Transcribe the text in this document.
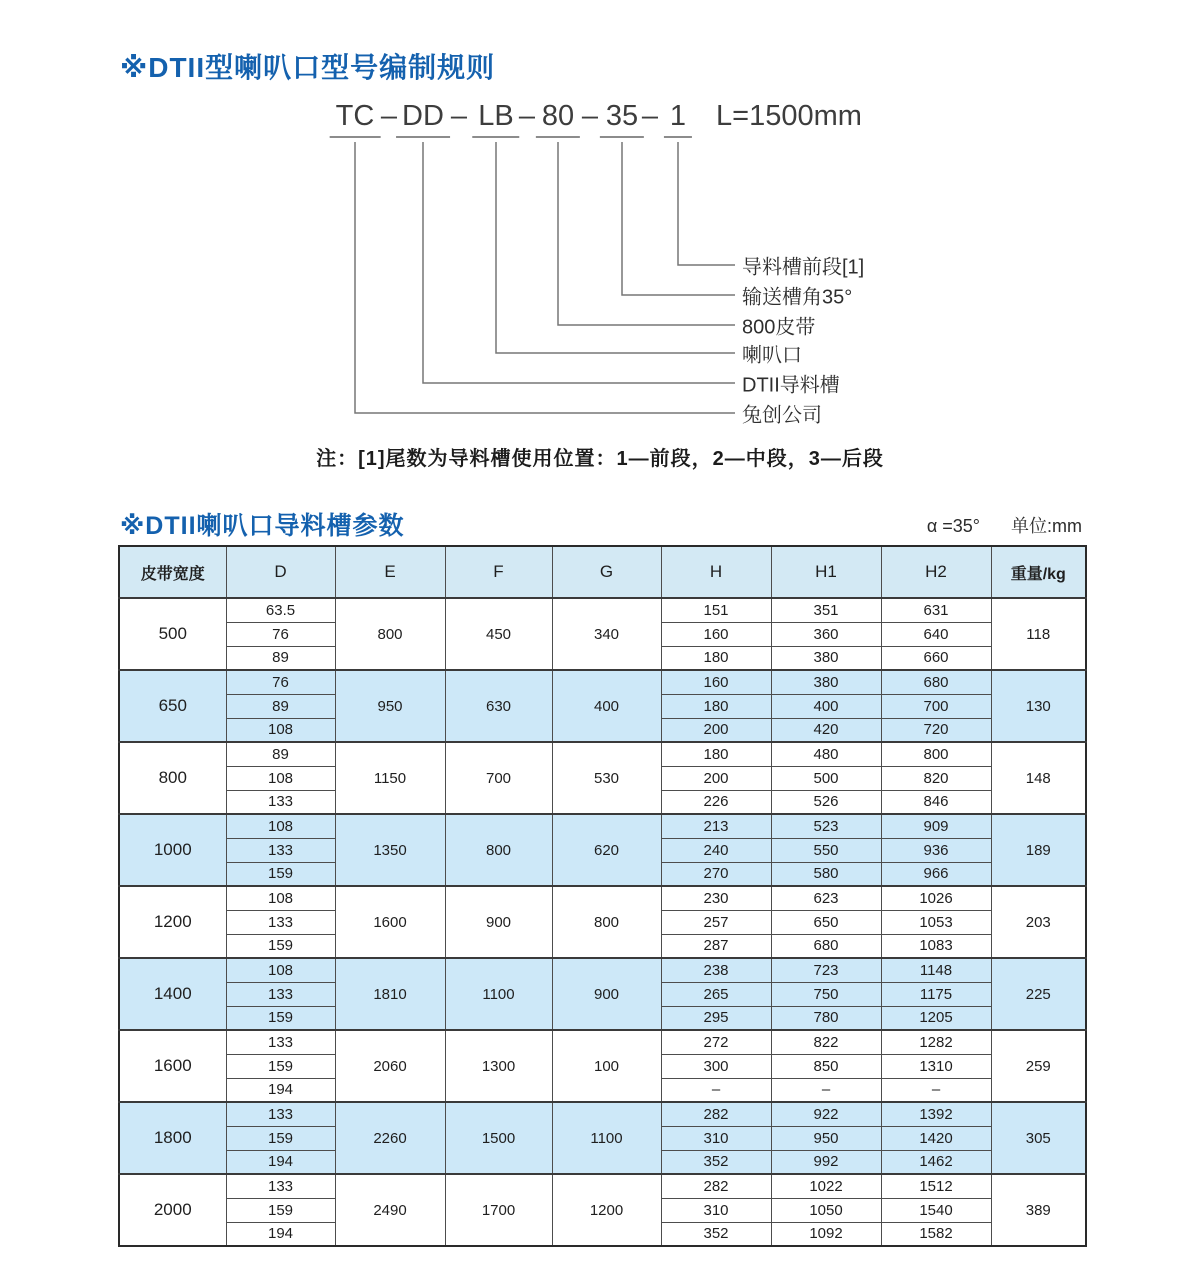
※DTII型喇叭口型号编制规则
注：[1]尾数为导料槽使用位置：1—前段，2—中段，3—后段
TC DD LB 80 35 1
– – – – – L=1500mm
导料槽前段[1]
输送槽角35°
800皮带
喇叭口
DTII导料槽
兔创公司
※DTII喇叭口导料槽参数	α =35° 单位:mm
皮带宽度	D	E	F	G	H	H1	H2	重量/kg
500	63.5	800	450	340	151	351	631	118
	76				160	360	640	
	89				180	380	660	
650	76	950	630	400	160	380	680	130
	89				180	400	700	
	108				200	420	720	
800	89	1150	700	530	180	480	800	148
	108				200	500	820	
	133				226	526	846	
1000	108	1350	800	620	213	523	909	189
	133				240	550	936	
	159				270	580	966	
1200	108	1600	900	800	230	623	1026	203
	133				257	650	1053	
	159				287	680	1083	
1400	108	1810	1100	900	238	723	1148	225
	133				265	750	1175	
	159				295	780	1205	
1600	133	2060	1300	100	272	822	1282	259
	159				300	850	1310	
	194				–	–	–	
1800	133	2260	1500	1100	282	922	1392	305
	159				310	950	1420	
	194				352	992	1462	
2000	133	2490	1700	1200	282	1022	1512	389
	159				310	1050	1540	
	194				352	1092	1582	
